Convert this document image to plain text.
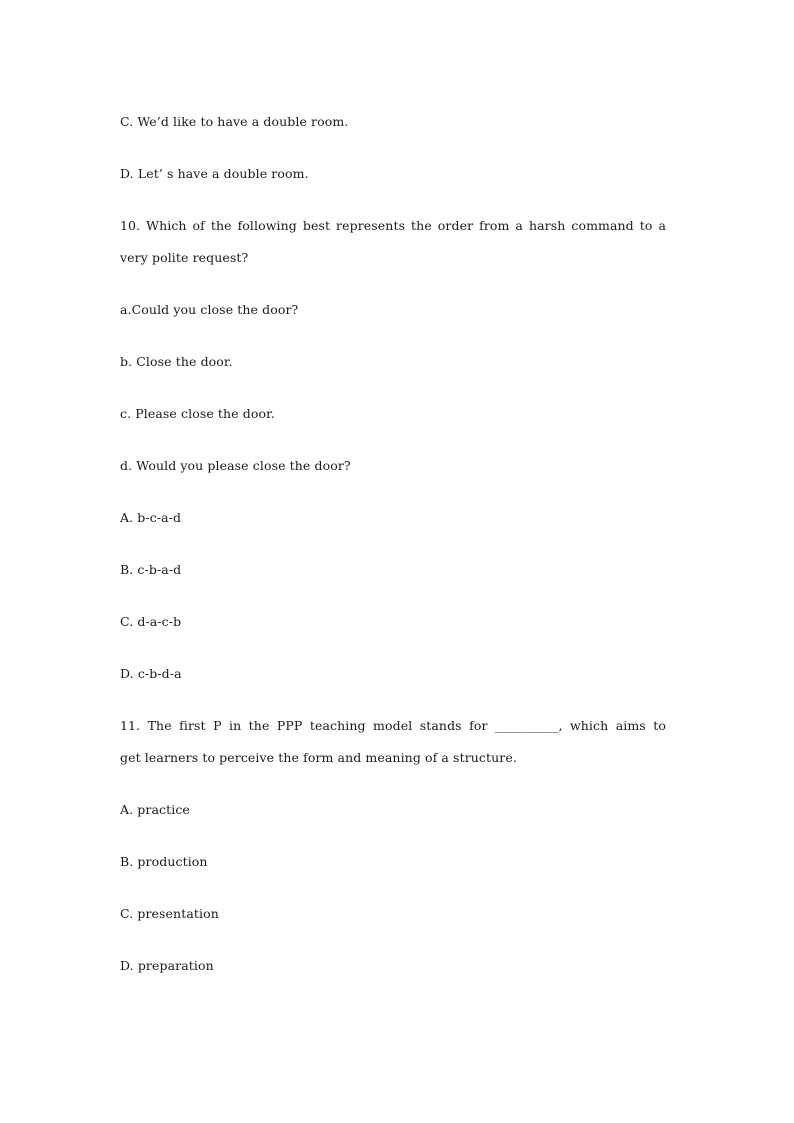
C. We’d like to have a double room.

D. Let’ s have a double room.

10. Which of the following best represents the order from a harsh command to a

very polite request?

a.Could you close the door?

b. Close the door.

c. Please close the door.

d. Would you please close the door?

A. b-c-a-d

B. c-b-a-d

C. d-a-c-b

D. c-b-d-a

11. The first P in the PPP teaching model stands for __________, which aims to

get learners to perceive the form and meaning of a structure.

A. practice

B. production

C. presentation

D. preparation
